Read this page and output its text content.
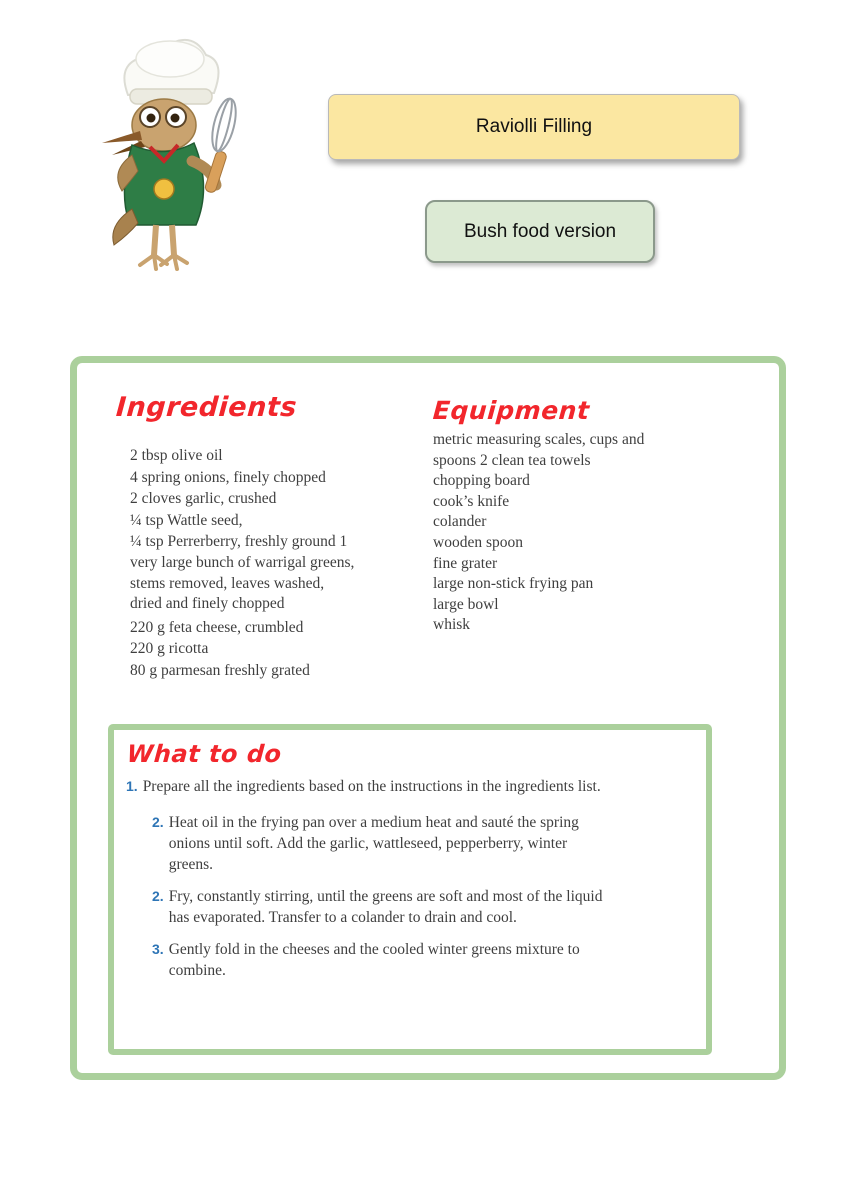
Raviolli Filling
Bush food version
Ingredients
2 tbsp olive oil
4 spring onions, finely chopped
2 cloves garlic, crushed
¼ tsp Wattle seed,
¼ tsp Perrerberry, freshly ground 1 very large bunch of warrigal greens, stems removed, leaves washed, dried and finely chopped
220 g feta cheese, crumbled
220 g ricotta
80 g parmesan freshly grated
Equipment
metric measuring scales, cups and spoons 2 clean tea towels
chopping board
cook’s knife
colander
wooden spoon
fine grater
large non-stick frying pan
large bowl
whisk
What to do
1. Prepare all the ingredients based on the instructions in the ingredients list.
2. Heat oil in the frying pan over a medium heat and sauté the spring onions until soft. Add the garlic, wattleseed, pepperberry, winter greens.
2. Fry, constantly stirring, until the greens are soft and most of the liquid has evaporated. Transfer to a colander to drain and cool.
3. Gently fold in the cheeses and the cooled winter greens mixture to combine.
